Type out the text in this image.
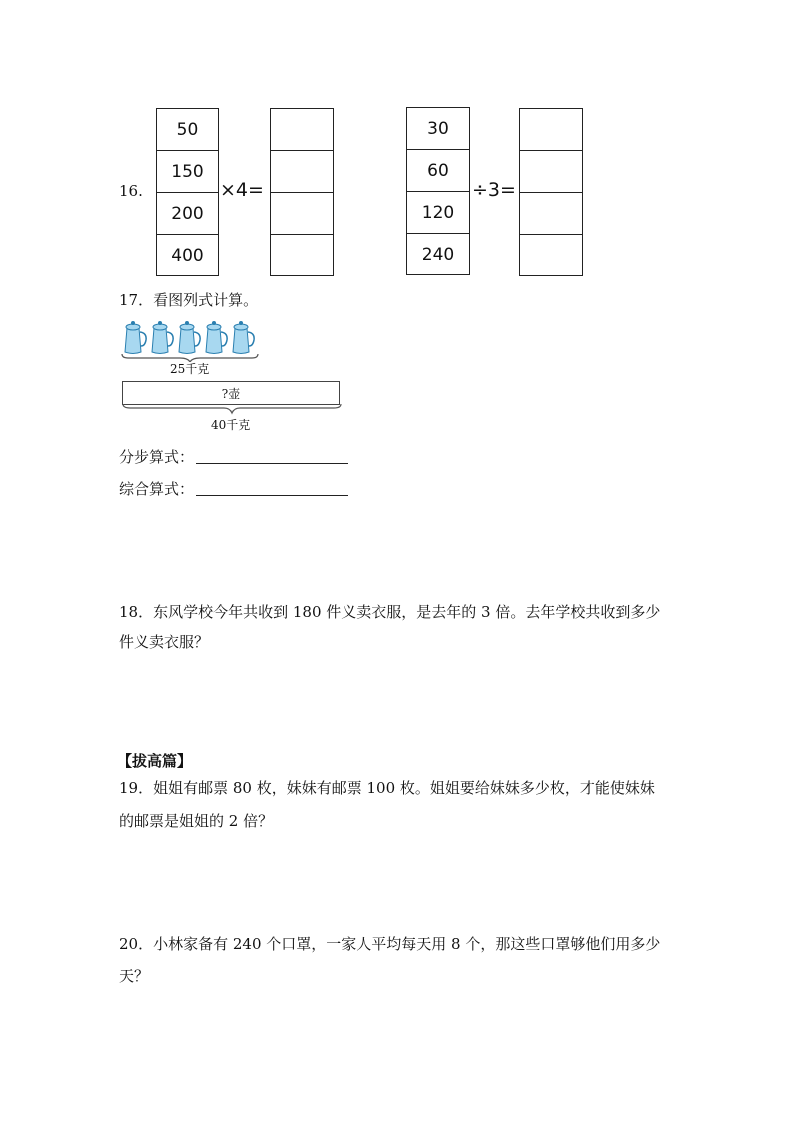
16.
50
150
200
400
×4=
30
60
120
240
÷3=
17．看图列式计算。
25千克
?壶
40千克
分步算式：
综合算式：
18．东风学校今年共收到 180 件义卖衣服，是去年的 3 倍。去年学校共收到多少
件义卖衣服？
【拔高篇】
19．姐姐有邮票 80 枚，妹妹有邮票 100 枚。姐姐要给妹妹多少枚，才能使妹妹
的邮票是姐姐的 2 倍？
20．小林家备有 240 个口罩，一家人平均每天用 8 个，那这些口罩够他们用多少
天？
